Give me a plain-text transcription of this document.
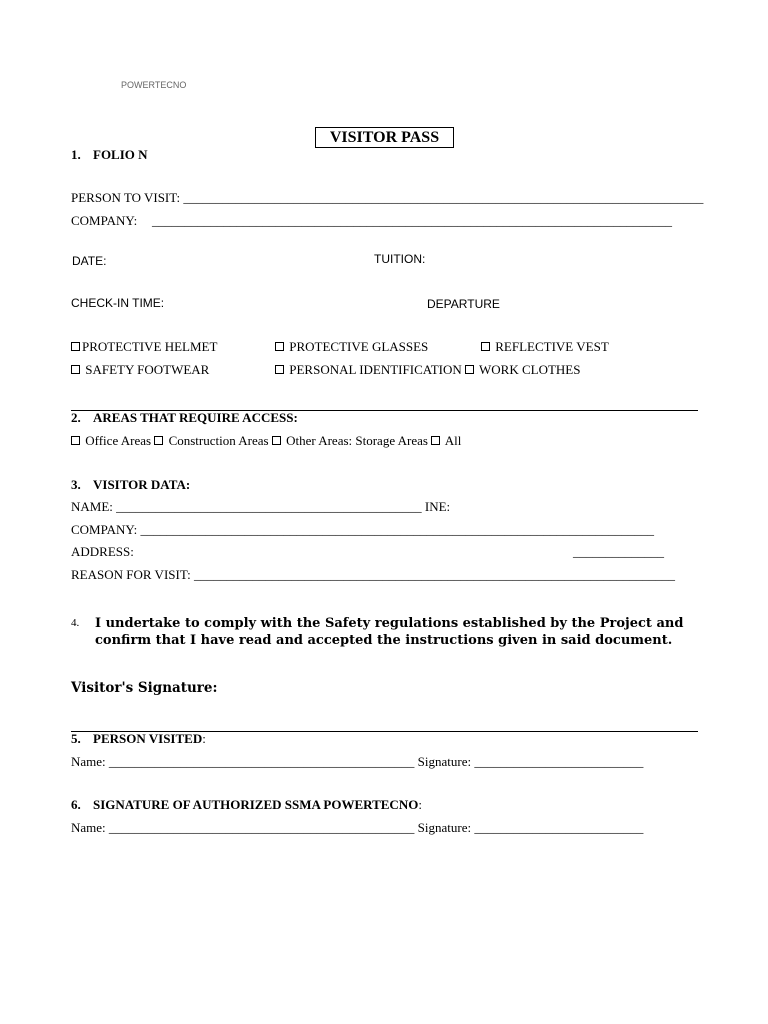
POWERTECNO
VISITOR PASS
1. FOLIO N
PERSON TO VISIT: ________________________________________________________________________________
COMPANY: ________________________________________________________________________________
DATE:	TUITION:
CHECK-IN TIME:	DEPARTURE
PROTECTIVE HELMET	PROTECTIVE GLASSES	REFLECTIVE VEST
SAFETY FOOTWEAR	PERSONAL IDENTIFICATION WORK CLOTHES
2. AREAS THAT REQUIRE ACCESS:
Office Areas Construction Areas Other Areas: Storage Areas All
3. VISITOR DATA:
NAME: _______________________________________________ INE:
COMPANY: _______________________________________________________________________________
ADDRESS:	______________
REASON FOR VISIT: __________________________________________________________________________
4. I undertake to comply with the Safety regulations established by the Project and confirm that I have read and accepted the instructions given in said document.
Visitor's Signature:
5. PERSON VISITED:
Name: _______________________________________________ Signature: __________________________
6. SIGNATURE OF AUTHORIZED SSMA POWERTECNO:
Name: _______________________________________________ Signature: __________________________
